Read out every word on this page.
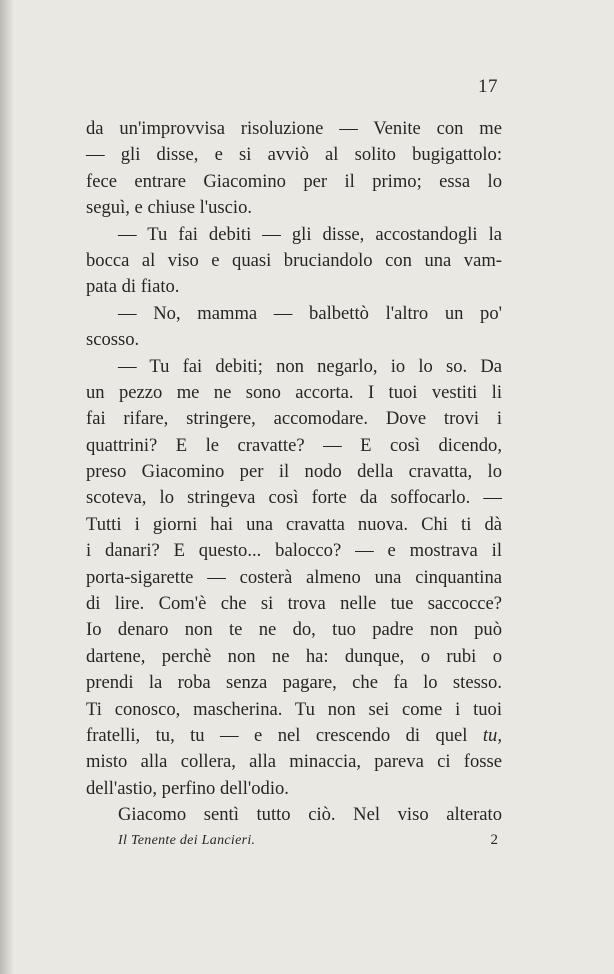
17
da un'improvvisa risoluzione — Venite con me
— gli disse, e si avviò al solito bugigattolo:
fece entrare Giacomino per il primo; essa lo
seguì, e chiuse l'uscio.
— Tu fai debiti — gli disse, accostandogli la
bocca al viso e quasi bruciandolo con una vam-
pata di fiato.
— No, mamma — balbettò l'altro un po'
scosso.
— Tu fai debiti; non negarlo, io lo so. Da
un pezzo me ne sono accorta. I tuoi vestiti li
fai rifare, stringere, accomodare. Dove trovi i
quattrini? E le cravatte? — E così dicendo,
preso Giacomino per il nodo della cravatta, lo
scoteva, lo stringeva così forte da soffocarlo. —
Tutti i giorni hai una cravatta nuova. Chi ti dà
i danari? E questo... balocco? — e mostrava il
porta-sigarette — costerà almeno una cinquantina
di lire. Com'è che si trova nelle tue saccocce?
Io denaro non te ne do, tuo padre non può
dartene, perchè non ne ha: dunque, o rubi o
prendi la roba senza pagare, che fa lo stesso.
Ti conosco, mascherina. Tu non sei come i tuoi
fratelli, tu, tu — e nel crescendo di quel tu,
misto alla collera, alla minaccia, pareva ci fosse
dell'astio, perfino dell'odio.
Giacomo sentì tutto ciò. Nel viso alterato
Il Tenente dei Lancieri.	2
